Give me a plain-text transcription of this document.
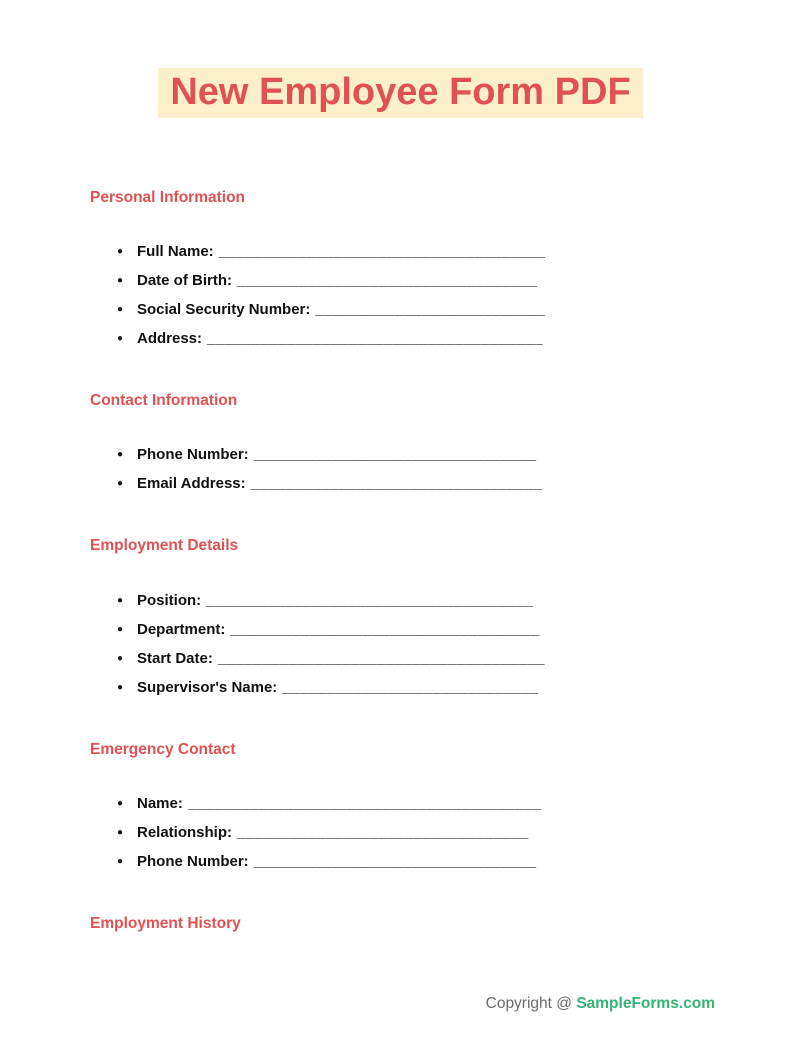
New Employee Form PDF
Personal Information
● Full Name: _____________________________________
● Date of Birth: __________________________________
● Social Security Number: __________________________
● Address: ______________________________________
Contact Information
● Phone Number: ________________________________
● Email Address: _________________________________
Employment Details
● Position: _____________________________________
● Department: ___________________________________
● Start Date: _____________________________________
● Supervisor's Name: _____________________________
Emergency Contact
● Name: ________________________________________
● Relationship: _________________________________
● Phone Number: ________________________________
Employment History
Copyright @ SampleForms.com
